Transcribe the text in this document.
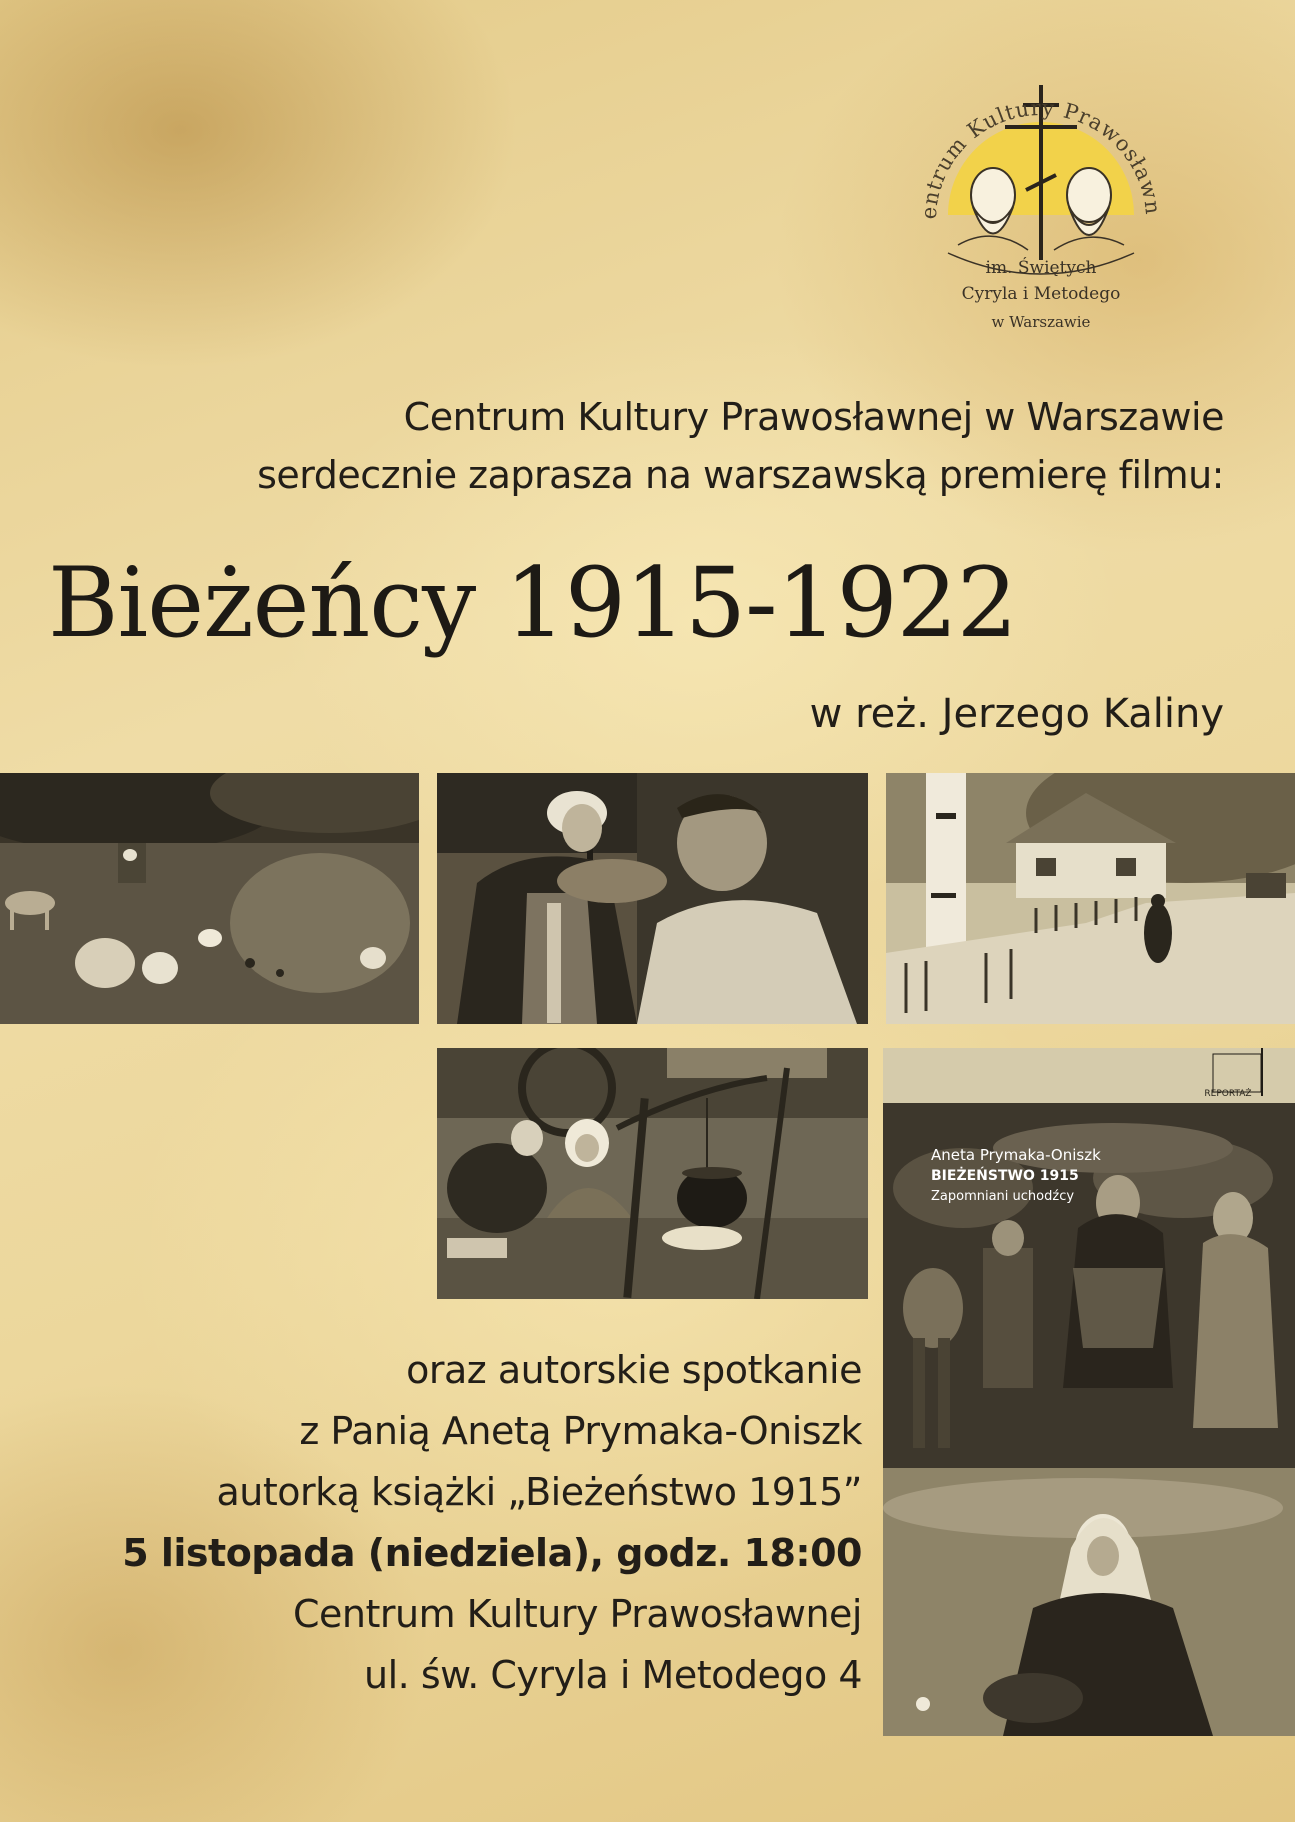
entrum Kultury Prawosławn
im. Świętych
Cyryla i Metodego
w Warszawie
Centrum Kultury Prawosławnej w Warszawie
serdecznie zaprasza na warszawską premierę filmu:
Bieżeńcy 1915-1922
w reż. Jerzego Kaliny
REPORTAŻ
Aneta Prymaka-Oniszk
BIEŻEŃSTWO 1915
Zapomniani uchodźcy
oraz autorskie spotkanie
z Panią Anetą Prymaka-Oniszk
autorką książki „Bieżeństwo 1915”
5 listopada (niedziela), godz. 18:00
Centrum Kultury Prawosławnej
ul. św. Cyryla i Metodego 4
